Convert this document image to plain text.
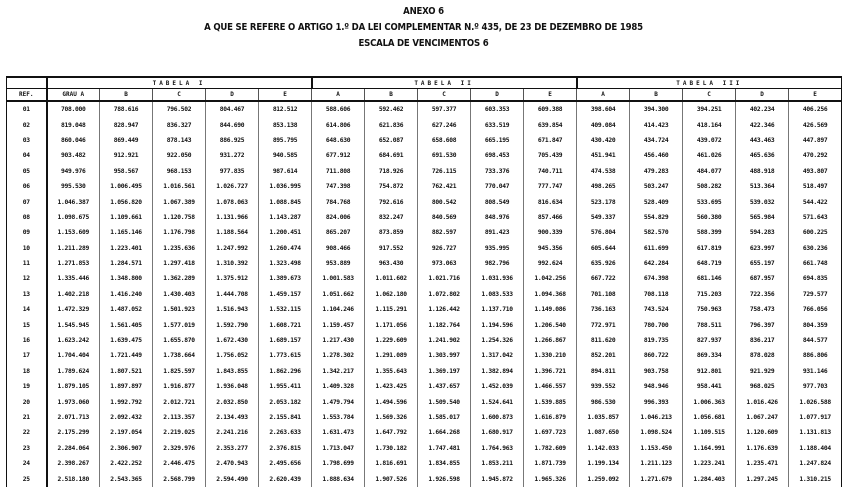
ANEXO 6
A QUE SE REFERE O ARTIGO 1.º DA LEI COMPLEMENTAR N.º 435, DE 23 DE DEZEMBRO DE 1985
ESCALA DE VENCIMENTOS 6
	TABELA I					TABELA II					TABELA III				
REF.	GRAU A	B	C	D	E	A	B	C	D	E	A	B	C	D	E
01	708.000	788.616	796.502	804.467	812.512	588.606	592.462	597.377	603.353	609.388	398.604	394.300	394.251	402.234	406.256
02	819.048	828.947	836.327	844.690	853.138	614.806	621.836	627.246	633.519	639.854	409.084	414.423	418.164	422.346	426.569
03	860.046	869.449	878.143	886.925	895.795	648.630	652.087	658.608	665.195	671.847	430.420	434.724	439.072	443.463	447.897
04	903.482	912.921	922.050	931.272	940.585	677.912	684.691	691.530	698.453	705.439	451.941	456.460	461.026	465.636	470.292
05	949.976	958.567	968.153	977.835	987.614	711.808	718.926	726.115	733.376	740.711	474.538	479.283	484.077	488.918	493.807
06	995.530	1.006.495	1.016.561	1.026.727	1.036.995	747.398	754.872	762.421	770.047	777.747	498.265	503.247	508.282	513.364	518.497
07	1.046.387	1.056.820	1.067.389	1.078.063	1.088.845	784.768	792.616	800.542	808.549	816.634	523.178	528.409	533.695	539.032	544.422
08	1.098.675	1.109.661	1.120.758	1.131.966	1.143.287	824.006	832.247	840.569	848.976	857.466	549.337	554.829	560.380	565.984	571.643
09	1.153.609	1.165.146	1.176.798	1.188.564	1.200.451	865.207	873.859	882.597	891.423	900.339	576.804	582.570	588.399	594.283	600.225
10	1.211.289	1.223.401	1.235.636	1.247.992	1.260.474	908.466	917.552	926.727	935.995	945.356	605.644	611.699	617.819	623.997	630.236
11	1.271.853	1.284.571	1.297.418	1.310.392	1.323.498	953.889	963.430	973.063	982.796	992.624	635.926	642.284	648.719	655.197	661.748
12	1.335.446	1.348.800	1.362.289	1.375.912	1.389.673	1.001.583	1.011.602	1.021.716	1.031.936	1.042.256	667.722	674.398	681.146	687.957	694.835
13	1.402.218	1.416.240	1.430.403	1.444.708	1.459.157	1.051.662	1.062.180	1.072.802	1.083.533	1.094.368	701.108	708.118	715.203	722.356	729.577
14	1.472.329	1.487.052	1.501.923	1.516.943	1.532.115	1.104.246	1.115.291	1.126.442	1.137.710	1.149.086	736.163	743.524	750.963	758.473	766.056
15	1.545.945	1.561.405	1.577.019	1.592.790	1.608.721	1.159.457	1.171.056	1.182.764	1.194.596	1.206.540	772.971	780.700	788.511	796.397	804.359
16	1.623.242	1.639.475	1.655.870	1.672.430	1.689.157	1.217.430	1.229.609	1.241.902	1.254.326	1.266.867	811.620	819.735	827.937	836.217	844.577
17	1.704.404	1.721.449	1.738.664	1.756.052	1.773.615	1.278.302	1.291.089	1.303.997	1.317.042	1.330.210	852.201	860.722	869.334	878.028	886.806
18	1.789.624	1.807.521	1.825.597	1.843.855	1.862.296	1.342.217	1.355.643	1.369.197	1.382.894	1.396.721	894.811	903.758	912.801	921.929	931.146
19	1.879.105	1.897.897	1.916.877	1.936.048	1.955.411	1.409.328	1.423.425	1.437.657	1.452.039	1.466.557	939.552	948.946	958.441	968.025	977.703
20	1.973.060	1.992.792	2.012.721	2.032.850	2.053.182	1.479.794	1.494.596	1.509.540	1.524.641	1.539.885	986.530	996.393	1.006.363	1.016.426	1.026.588
21	2.071.713	2.092.432	2.113.357	2.134.493	2.155.841	1.553.784	1.569.326	1.585.017	1.600.873	1.616.879	1.035.857	1.046.213	1.056.681	1.067.247	1.077.917
22	2.175.299	2.197.054	2.219.025	2.241.216	2.263.633	1.631.473	1.647.792	1.664.268	1.680.917	1.697.723	1.087.650	1.098.524	1.109.515	1.120.609	1.131.813
23	2.284.064	2.306.907	2.329.976	2.353.277	2.376.815	1.713.047	1.730.182	1.747.481	1.764.963	1.782.609	1.142.033	1.153.450	1.164.991	1.176.639	1.188.404
24	2.398.267	2.422.252	2.446.475	2.470.943	2.495.656	1.798.699	1.816.691	1.834.855	1.853.211	1.871.739	1.199.134	1.211.123	1.223.241	1.235.471	1.247.824
25	2.518.180	2.543.365	2.568.799	2.594.490	2.620.439	1.888.634	1.907.526	1.926.598	1.945.872	1.965.326	1.259.092	1.271.679	1.284.403	1.297.245	1.310.215
